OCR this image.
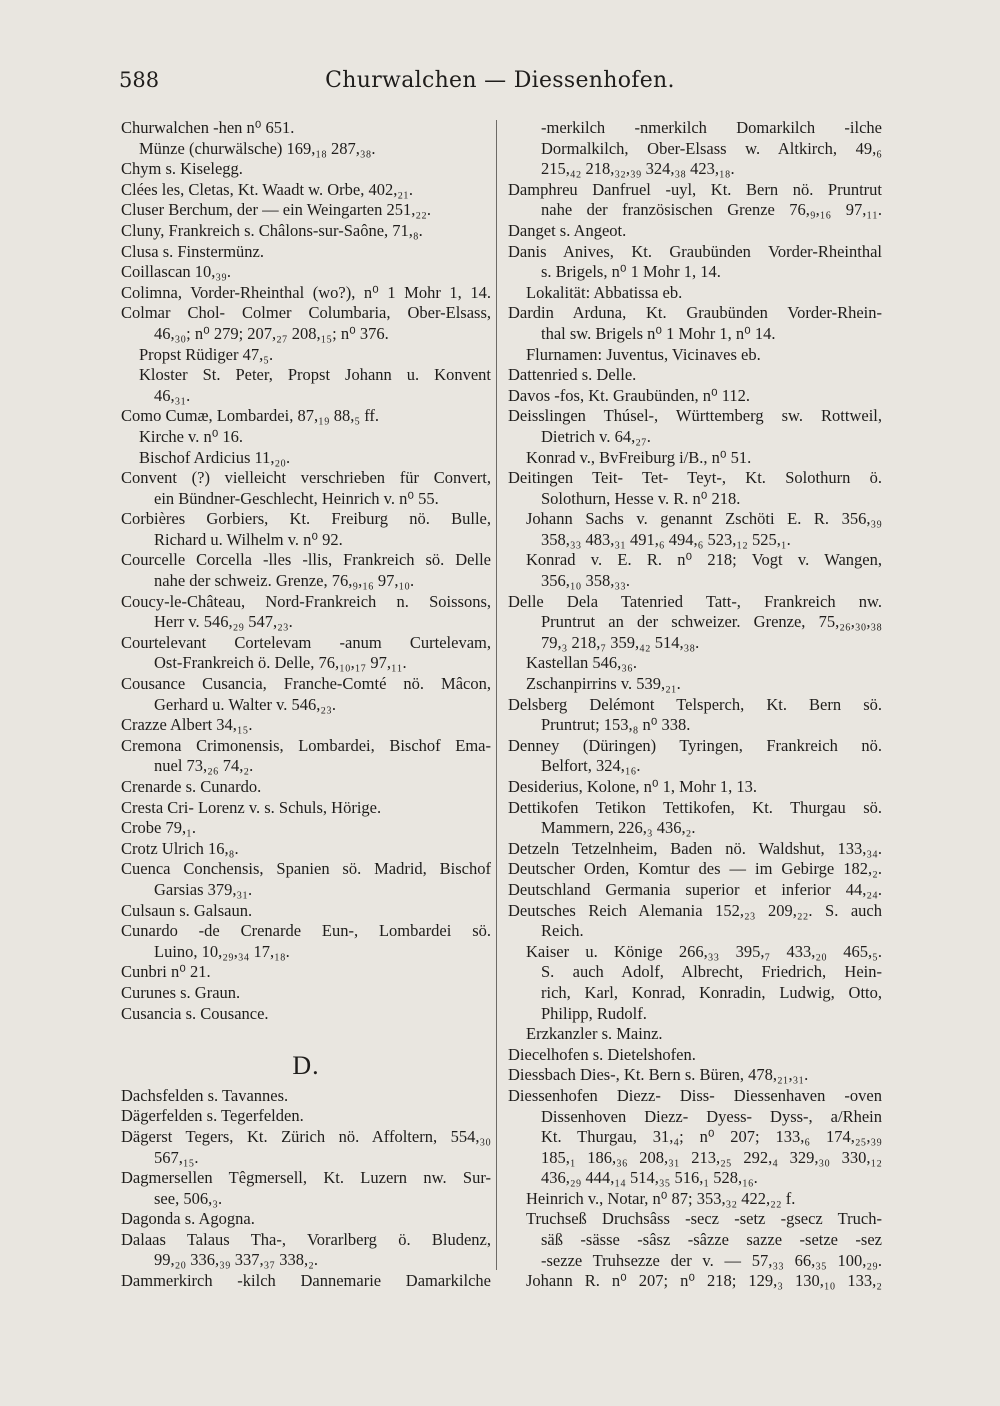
588	Churwalchen — Diessenhofen.
Churwalchen -hen n⁰ 651.
Münze (churwälsche) 169,₁₈ 287,₃₈.
Chym s. Kiselegg.
Clées les, Cletas, Kt. Waadt w. Orbe, 402,₂₁.
Cluser Berchum, der — ein Weingarten 251,₂₂.
Cluny, Frankreich s. Châlons-sur-Saône, 71,₈.
Clusa s. Finstermünz.
Coillascan 10,₃₉.
Colimna, Vorder-Rheinthal (wo?), n⁰ 1 Mohr 1, 14.
Colmar Chol- Colmer Columbaria, Ober-Elsass,
46,₃₀; n⁰ 279; 207,₂₇ 208,₁₅; n⁰ 376.
Propst Rüdiger 47,₅.
Kloster St. Peter, Propst Johann u. Konvent
46,₃₁.
Como Cumæ, Lombardei, 87,₁₉ 88,₅ ff.
Kirche v. n⁰ 16.
Bischof Ardicius 11,₂₀.
Convent (?) vielleicht verschrieben für Convert,
ein Bündner-Geschlecht, Heinrich v. n⁰ 55.
Corbières Gorbiers, Kt. Freiburg nö. Bulle,
Richard u. Wilhelm v. n⁰ 92.
Courcelle Corcella -lles -llis, Frankreich sö. Delle
nahe der schweiz. Grenze, 76,₉,₁₆ 97,₁₀.
Coucy-le-Château, Nord-Frankreich n. Soissons,
Herr v. 546,₂₉ 547,₂₃.
Courtelevant Cortelevam -anum Curtelevam,
Ost-Frankreich ö. Delle, 76,₁₀,₁₇ 97,₁₁.
Cousance Cusancia, Franche-Comté nö. Mâcon,
Gerhard u. Walter v. 546,₂₃.
Crazze Albert 34,₁₅.
Cremona Crimonensis, Lombardei, Bischof Ema-
nuel 73,₂₆ 74,₂.
Crenarde s. Cunardo.
Cresta Cri- Lorenz v. s. Schuls, Hörige.
Crobe 79,₁.
Crotz Ulrich 16,₈.
Cuenca Conchensis, Spanien sö. Madrid, Bischof
Garsias 379,₃₁.
Culsaun s. Galsaun.
Cunardo -de Crenarde Eun-, Lombardei sö.
Luino, 10,₂₉,₃₄ 17,₁₈.
Cunbri n⁰ 21.
Curunes s. Graun.
Cusancia s. Cousance.
D.
Dachsfelden s. Tavannes.
Dägerfelden s. Tegerfelden.
Dägerst Tegers, Kt. Zürich nö. Affoltern, 554,₃₀
567,₁₅.
Dagmersellen Têgmersell, Kt. Luzern nw. Sur-
see, 506,₃.
Dagonda s. Agogna.
Dalaas Talaus Tha-, Vorarlberg ö. Bludenz,
99,₂₀ 336,₃₉ 337,₃₇ 338,₂.
Dammerkirch -kilch Dannemarie Damarkilche
-merkilch -nmerkilch Domarkilch -ilche
Dormalkilch, Ober-Elsass w. Altkirch, 49,₆
215,₄₂ 218,₃₂,₃₉ 324,₃₈ 423,₁₈.
Damphreu Danfruel -uyl, Kt. Bern nö. Pruntrut
nahe der französischen Grenze 76,₉,₁₆ 97,₁₁.
Danget s. Angeot.
Danis Anives, Kt. Graubünden Vorder-Rheinthal
s. Brigels, n⁰ 1 Mohr 1, 14.
Lokalität: Abbatissa eb.
Dardin Arduna, Kt. Graubünden Vorder-Rhein-
thal sw. Brigels n⁰ 1 Mohr 1, n⁰ 14.
Flurnamen: Juventus, Vicinaves eb.
Dattenried s. Delle.
Davos -fos, Kt. Graubünden, n⁰ 112.
Deisslingen Thúsel-, Württemberg sw. Rottweil,
Dietrich v. 64,₂₇.
Konrad v., BvFreiburg i/B., n⁰ 51.
Deitingen Teit- Tet- Teyt-, Kt. Solothurn ö.
Solothurn, Hesse v. R. n⁰ 218.
Johann Sachs v. genannt Zschöti E. R. 356,₃₉
358,₃₃ 483,₃₁ 491,₆ 494,₆ 523,₁₂ 525,₁.
Konrad v. E. R. n⁰ 218; Vogt v. Wangen,
356,₁₀ 358,₃₃.
Delle Dela Tatenried Tatt-, Frankreich nw.
Pruntrut an der schweizer. Grenze, 75,₂₆,₃₀,₃₈
79,₃ 218,₇ 359,₄₂ 514,₃₈.
Kastellan 546,₃₆.
Zschanpirrins v. 539,₂₁.
Delsberg Delémont Telsperch, Kt. Bern sö.
Pruntrut; 153,₈ n⁰ 338.
Denney (Düringen) Tyringen, Frankreich nö.
Belfort, 324,₁₆.
Desiderius, Kolone, n⁰ 1, Mohr 1, 13.
Dettikofen Tetikon Tettikofen, Kt. Thurgau sö.
Mammern, 226,₃ 436,₂.
Detzeln Tetzelnheim, Baden nö. Waldshut, 133,₃₄.
Deutscher Orden, Komtur des — im Gebirge 182,₂.
Deutschland Germania superior et inferior 44,₂₄.
Deutsches Reich Alemania 152,₂₃ 209,₂₂. S. auch
Reich.
Kaiser u. Könige 266,₃₃ 395,₇ 433,₂₀ 465,₅.
S. auch Adolf, Albrecht, Friedrich, Hein-
rich, Karl, Konrad, Konradin, Ludwig, Otto,
Philipp, Rudolf.
Erzkanzler s. Mainz.
Diecelhofen s. Dietelshofen.
Diessbach Dies-, Kt. Bern s. Büren, 478,₂₁,₃₁.
Diessenhofen Diezz- Diss- Diessenhaven -oven
Dissenhoven Diezz- Dyess- Dyss-, a/Rhein
Kt. Thurgau, 31,₄; n⁰ 207; 133,₆ 174,₂₅,₃₉
185,₁ 186,₃₆ 208,₃₁ 213,₂₅ 292,₄ 329,₃₀ 330,₁₂
436,₂₉ 444,₁₄ 514,₃₅ 516,₁ 528,₁₆.
Heinrich v., Notar, n⁰ 87; 353,₃₂ 422,₂₂ f.
Truchseß Druchsâss -secz -setz -gsecz Truch-
säß -sässe -sâsz -sâzze sazze -setze -sez
-sezze Truhsezze der v. — 57,₃₃ 66,₃₅ 100,₂₉.
Johann R. n⁰ 207; n⁰ 218; 129,₃ 130,₁₀ 133,₂
